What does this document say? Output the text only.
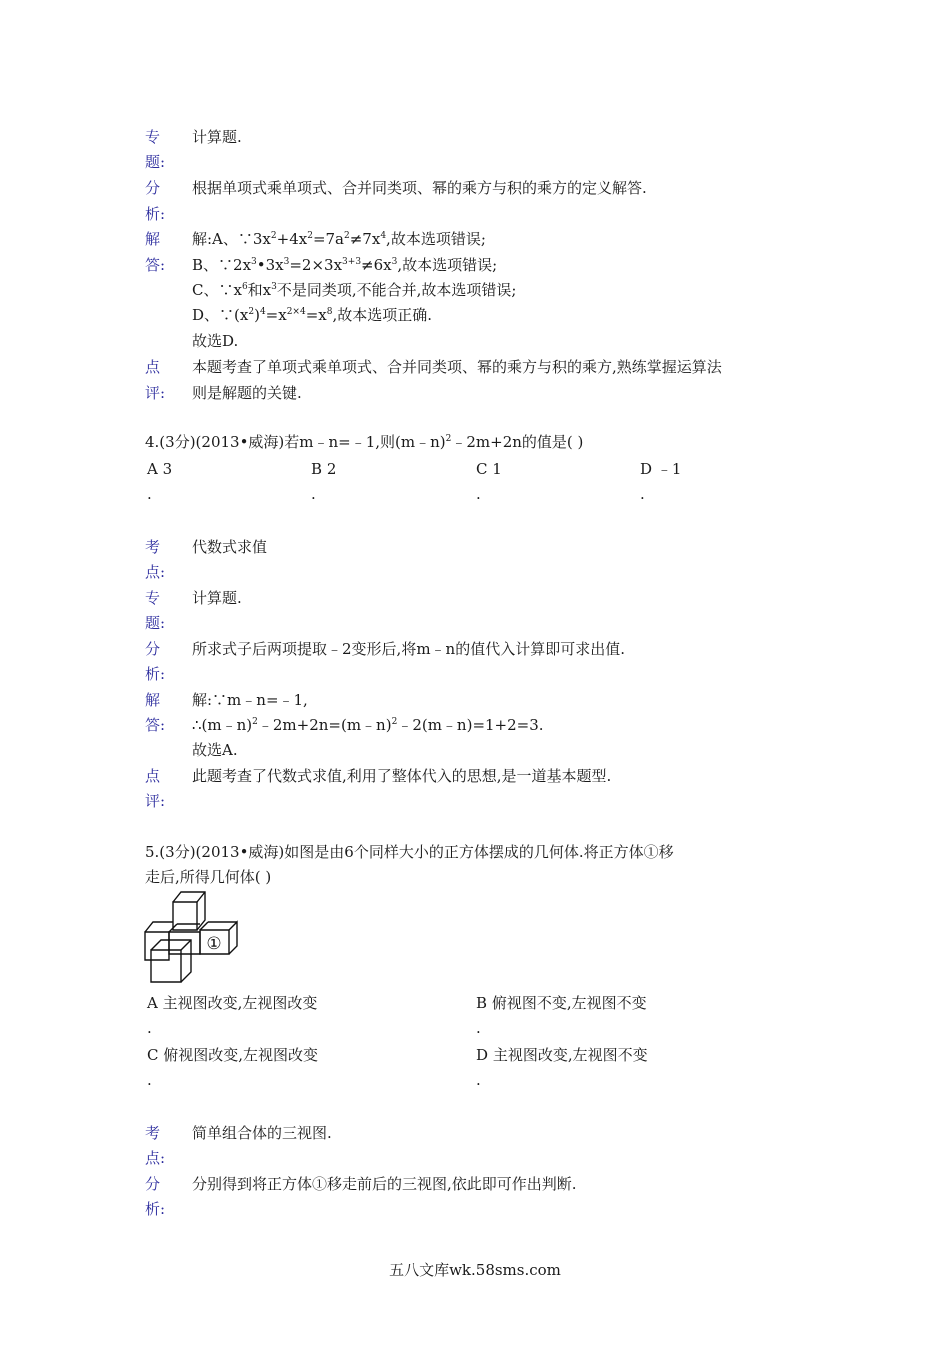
专 计算题.
题:
分 根据单项式乘单项式、合并同类项、幂的乘方与积的乘方的定义解答.
析:
解 解:A、$\because 3x^2+4x^2=7a^2\ne 7x^4$,故本选项错误;
答: B、$\because 2x^3•3x^3=2\times 3x^{3+3}\ne 6x^3$,故本选项错误;
C、$\because x^6$和$x^3$不是同类项,不能合并,故本选项错误;
D、$\because(x^2)^4=x^{2\times 4}=x^8$,故本选项正确.
故选D.
点 本题考查了单项式乘单项式、合并同类项、幂的乘方与积的乘方,熟练掌握运算法
评: 则是解题的关键.
4.(3分)(2013•威海)若m﹣n=﹣1,则(m﹣n)$^2$﹣2m+2n的值是( )
A 3
.
B 2
.
C 1
.
D ﹣1
.
考 代数式求值
点:
专 计算题.
题:
分 所求式子后两项提取﹣2变形后,将m﹣n的值代入计算即可求出值.
析:
解 解:∵m﹣n=﹣1,
答: ∴(m﹣n)$^2$﹣2m+2n=(m﹣n)$^2$﹣2(m﹣n)=1+2=3.
故选A.
点 此题考查了代数式求值,利用了整体代入的思想,是一道基本题型.
评:
5.(3分)(2013•威海)如图是由6个同样大小的正方体摆成的几何体.将正方体①移
走后,所得几何体( )
①
A 主视图改变,左视图改变
.
B 俯视图不变,左视图不变
.
C 俯视图改变,左视图改变
.
D 主视图改变,左视图不变
.
考 简单组合体的三视图.
点:
分 分别得到将正方体①移走前后的三视图,依此即可作出判断.
析:
五八文库wk.58sms.com
